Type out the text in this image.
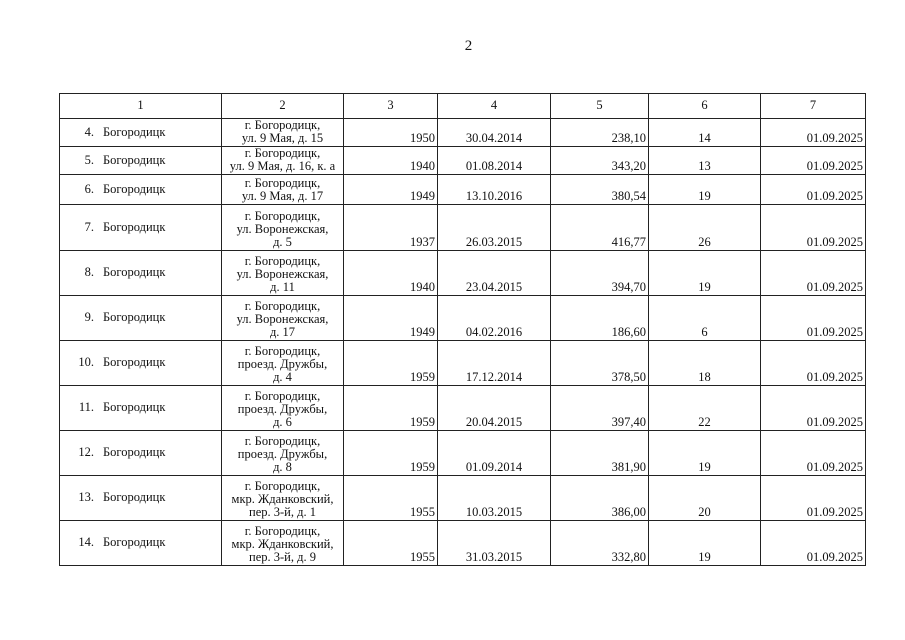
2
1	2	3	4	5	6	7
4. Богородицк	г. Богородицк,
ул. 9 Мая, д. 15	1950	30.04.2014	238,10	14	01.09.2025
5. Богородицк	г. Богородицк,
ул. 9 Мая, д. 16, к. а	1940	01.08.2014	343,20	13	01.09.2025
6. Богородицк	г. Богородицк,
ул. 9 Мая, д. 17	1949	13.10.2016	380,54	19	01.09.2025
7. Богородицк	г. Богородицк,
ул. Воронежская,
д. 5	1937	26.03.2015	416,77	26	01.09.2025
8. Богородицк	г. Богородицк,
ул. Воронежская,
д. 11	1940	23.04.2015	394,70	19	01.09.2025
9. Богородицк	г. Богородицк,
ул. Воронежская,
д. 17	1949	04.02.2016	186,60	6	01.09.2025
10. Богородицк	г. Богородицк,
проезд. Дружбы,
д. 4	1959	17.12.2014	378,50	18	01.09.2025
11. Богородицк	г. Богородицк,
проезд. Дружбы,
д. 6	1959	20.04.2015	397,40	22	01.09.2025
12. Богородицк	г. Богородицк,
проезд. Дружбы,
д. 8	1959	01.09.2014	381,90	19	01.09.2025
13. Богородицк	г. Богородицк,
мкр. Жданковский,
пер. 3-й, д. 1	1955	10.03.2015	386,00	20	01.09.2025
14. Богородицк	г. Богородицк,
мкр. Жданковский,
пер. 3-й, д. 9	1955	31.03.2015	332,80	19	01.09.2025
